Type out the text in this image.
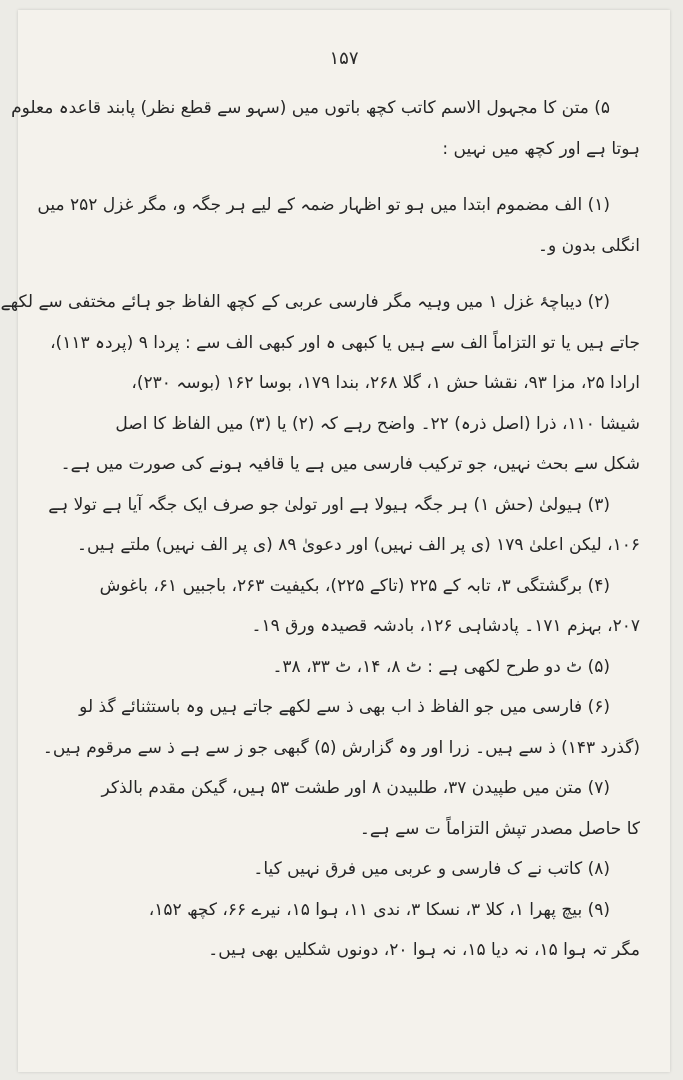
۱۵۷
۵) متن کا مجہول الاسم کاتب کچھ باتوں میں (سہو سے قطع نظر) پابند قاعدہ معلوم
ہوتا ہے اور کچھ میں نہیں :
(۱) الف مضموم ابتدا میں ہو تو اظہار ضمہ کے لیے ہر جگہ و، مگر غزل ۲۵۲ میں
انگلی بدون و۔
(۲) دیباچۂ غزل ۱ میں وہیہ مگر فارسی عربی کے کچھ الفاظ جو ہائے مختفی سے لکھے
جاتے ہیں یا تو التزاماً الف سے ہیں یا کبھی ہ اور کبھی الف سے : پردا ۹ (پردہ ۱۱۳)،
ارادا ۲۵، مزا ۹۳، نقشا حش ۱، گلا ۲۶۸، بندا ۱۷۹، بوسا ۱۶۲ (بوسہ ۲۳۰)،
شیشا ۱۱۰، ذرا (اصل ذرہ) ۲۲۔ واضح رہے کہ (۲) یا (۳) میں الفاظ کا اصل
شکل سے بحث نہیں، جو ترکیب فارسی میں ہے یا قافیہ ہونے کی صورت میں ہے۔
(۳) ہیولیٰ (حش ۱) ہر جگہ ہیولا ہے اور تولیٰ جو صرف ایک جگہ آیا ہے تولا ہے
۱۰۶، لیکن اعلیٰ ۱۷۹ (ی پر الف نہیں) اور دعویٰ ۸۹ (ی پر الف نہیں) ملتے ہیں۔
(۴) برگشتگی ۳، تابہ کے ۲۲۵ (تاکے ۲۲۵)، بکیفیت ۲۶۳، باجبیں ۶۱، باغوش
۲۰۷، بہزم ۱۷۱۔ پادشاہی ۱۲۶، بادشہ قصیدہ ورق ۱۹۔
(۵) ٹ دو طرح لکھی ہے : ٹ ۸، ۱۴، ٹ ۳۳، ۳۸۔
(۶) فارسی میں جو الفاظ ذ اب بھی ذ سے لکھے جاتے ہیں وہ باستثنائے گذ لو
(گذرد ۱۴۳) ذ سے ہیں۔ زرا اور وہ گزارش (۵) گبھی جو ز سے ہے ذ سے مرقوم ہیں۔
(۷) متن میں طپیدن ۳۷، طلبیدن ۸ اور طشت ۵۳ ہیں، گیکن مقدم بالذکر
کا حاصل مصدر تپش التزاماً ت سے ہے۔
(۸) کاتب نے ک فارسی و عربی میں فرق نہیں کیا۔
(۹) بیچ پھرا ۱، کلا ۳، نسکا ۳، ندی ۱۱، ہوا ۱۵، نیرے ۶۶، کچھ ۱۵۲،
مگر تہ ہوا ۱۵، نہ دیا ۱۵، نہ ہوا ۲۰، دونوں شکلیں بھی ہیں۔
